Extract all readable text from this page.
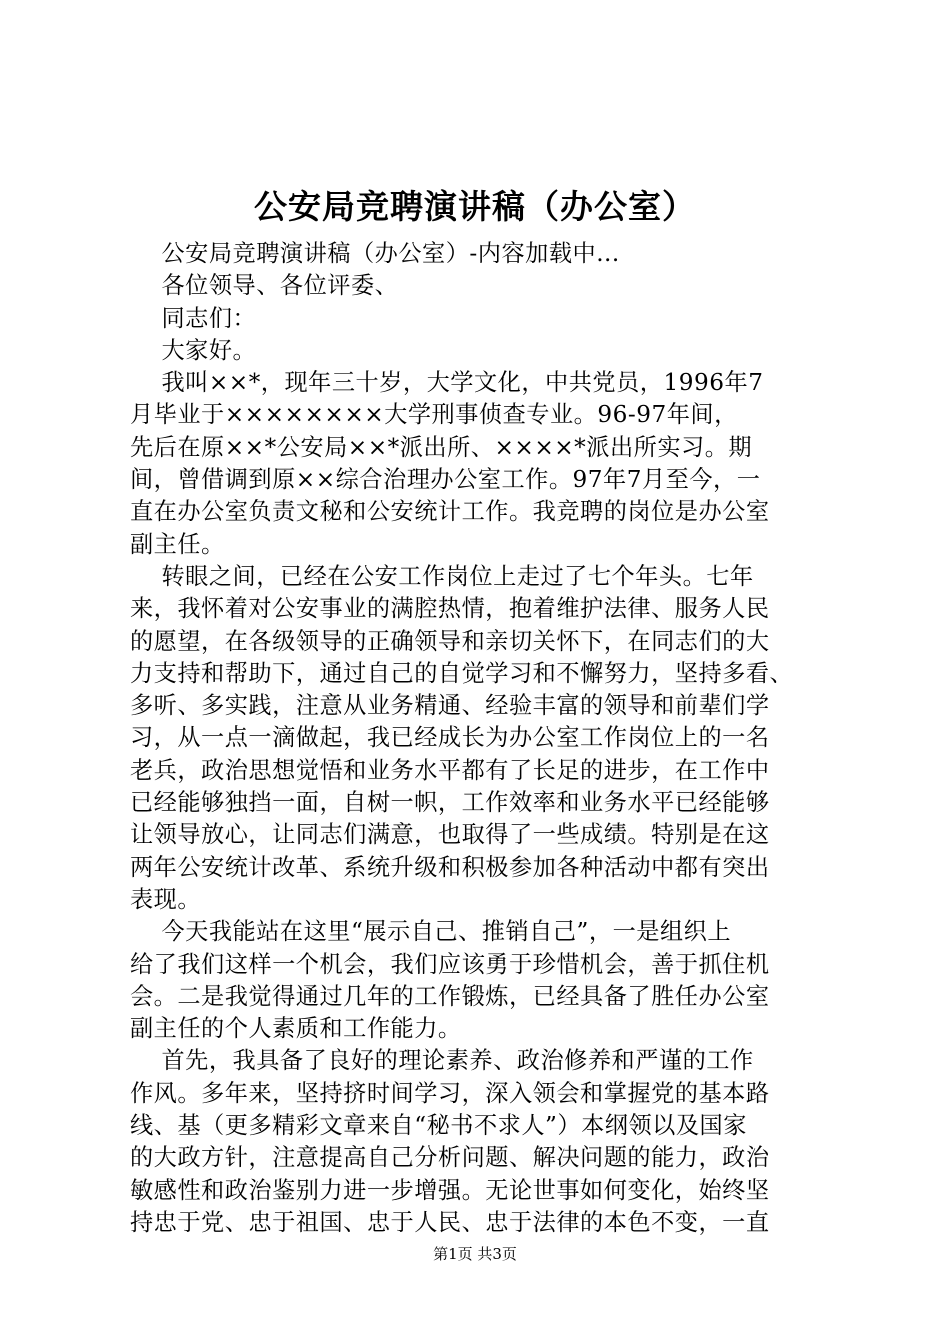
公安局竞聘演讲稿（办公室）
公安局竞聘演讲稿（办公室）-内容加载中...
各位领导、各位评委、
同志们：
大家好。
我叫××*，现年三十岁，大学文化，中共党员，1996年7
月毕业于××××××××大学刑事侦查专业。96-97年间，
先后在原××*公安局××*派出所、××××*派出所实习。期
间，曾借调到原××综合治理办公室工作。97年7月至今，一
直在办公室负责文秘和公安统计工作。我竞聘的岗位是办公室
副主任。
转眼之间，已经在公安工作岗位上走过了七个年头。七年
来，我怀着对公安事业的满腔热情，抱着维护法律、服务人民
的愿望，在各级领导的正确领导和亲切关怀下，在同志们的大
力支持和帮助下，通过自己的自觉学习和不懈努力，坚持多看、
多听、多实践，注意从业务精通、经验丰富的领导和前辈们学
习，从一点一滴做起，我已经成长为办公室工作岗位上的一名
老兵，政治思想觉悟和业务水平都有了长足的进步，在工作中
已经能够独挡一面，自树一帜，工作效率和业务水平已经能够
让领导放心，让同志们满意，也取得了一些成绩。特别是在这
两年公安统计改革、系统升级和积极参加各种活动中都有突出
表现。
今天我能站在这里“展示自己、推销自己”，一是组织上
给了我们这样一个机会，我们应该勇于珍惜机会，善于抓住机
会。二是我觉得通过几年的工作锻炼，已经具备了胜任办公室
副主任的个人素质和工作能力。
首先，我具备了良好的理论素养、政治修养和严谨的工作
作风。多年来，坚持挤时间学习，深入领会和掌握党的基本路
线、基（更多精彩文章来自“秘书不求人”）本纲领以及国家
的大政方针，注意提高自己分析问题、解决问题的能力，政治
敏感性和政治鉴别力进一步增强。无论世事如何变化，始终坚
持忠于党、忠于祖国、忠于人民、忠于法律的本色不变，一直
第1页 共3页
